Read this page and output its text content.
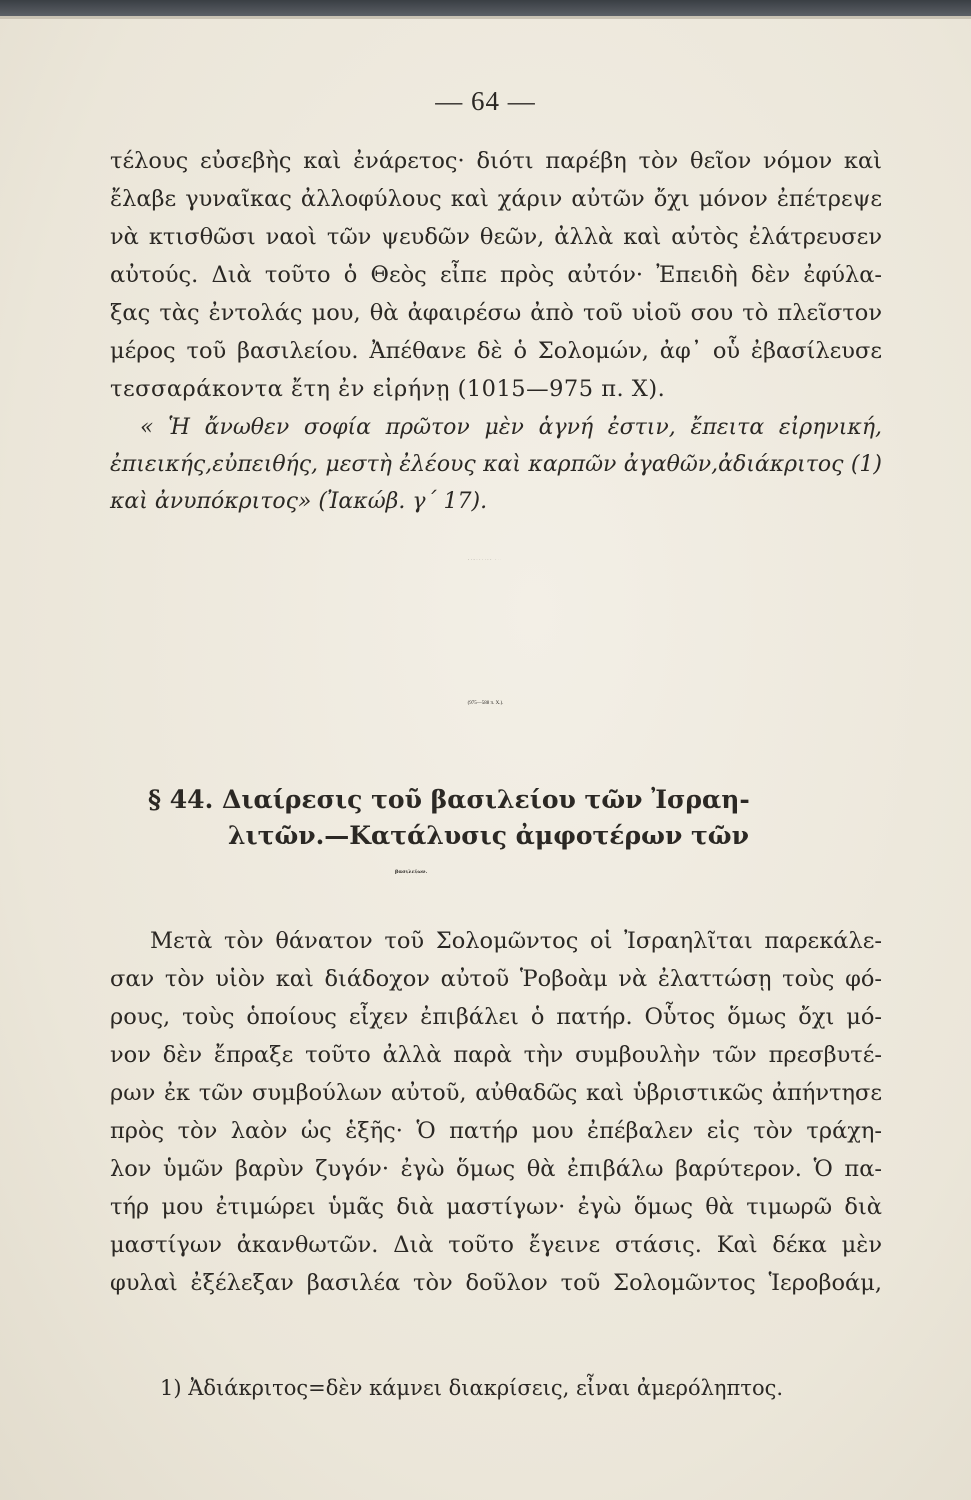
— 64 —
τέλους εὐσεβὴς καὶ ἐνάρετος· διότι παρέβη τὸν θεῖον νόμον καὶ
ἔλαβε γυναῖκας ἀλλοφύλους καὶ χάριν αὐτῶν ὄχι μόνον ἐπέτρεψε
νὰ κτισθῶσι ναοὶ τῶν ψευδῶν θεῶν, ἀλλὰ καὶ αὐτὸς ἐλάτρευσεν
αὐτούς. Διὰ τοῦτο ὁ Θεὸς εἶπε πρὸς αὐτόν· Ἐπειδὴ δὲν ἐφύλα-
ξας τὰς ἐντολάς μου, θὰ ἀφαιρέσω ἀπὸ τοῦ υἱοῦ σου τὸ πλεῖστον
μέρος τοῦ βασιλείου. Ἀπέθανε δὲ ὁ Σολομών, ἀφ᾽ οὗ ἐβασίλευσε
τεσσαράκοντα ἔτη ἐν εἰρήνῃ (1015—975 π. Χ).
« Ἡ ἄνωθεν σοφία πρῶτον μὲν ἁγνή ἐστιν, ἔπειτα εἰρηνική,
ἐπιεικής,εὐπειθής, μεστὴ ἐλέους καὶ καρπῶν ἀγαθῶν,ἀδιάκριτος (1)
καὶ ἀνυπόκριτος» (Ἰακώβ. γ´ 17).
ΚΕΦΑΛΑΙΟΝ ϛ´.
(975—588 π. Χ.).
§ 44. Διαίρεσις τοῦ βασιλείου τῶν Ἰσραη-
λιτῶν.—Κατάλυσις ἀμφοτέρων τῶν
βασιλείων.
Μετὰ τὸν θάνατον τοῦ Σολομῶντος οἱ Ἰσραηλῖται παρεκάλε-
σαν τὸν υἱὸν καὶ διάδοχον αὐτοῦ Ῥοβοὰμ νὰ ἐλαττώσῃ τοὺς φό-
ρους, τοὺς ὁποίους εἶχεν ἐπιβάλει ὁ πατήρ. Οὗτος ὅμως ὄχι μό-
νον δὲν ἔπραξε τοῦτο ἀλλὰ παρὰ τὴν συμβουλὴν τῶν πρεσβυτέ-
ρων ἐκ τῶν συμβούλων αὐτοῦ, αὐθαδῶς καὶ ὑβριστικῶς ἀπήντησε
πρὸς τὸν λαὸν ὡς ἑξῆς· Ὁ πατήρ μου ἐπέβαλεν εἰς τὸν τράχη-
λον ὑμῶν βαρὺν ζυγόν· ἐγὼ ὅμως θὰ ἐπιβάλω βαρύτερον. Ὁ πα-
τήρ μου ἐτιμώρει ὑμᾶς διὰ μαστίγων· ἐγὼ ὅμως θὰ τιμωρῶ διὰ
μαστίγων ἀκανθωτῶν. Διὰ τοῦτο ἔγεινε στάσις. Καὶ δέκα μὲν
φυλαὶ ἐξέλεξαν βασιλέα τὸν δοῦλον τοῦ Σολομῶντος Ἱεροβοάμ,
1) Ἀδιάκριτος=δὲν κάμνει διακρίσεις, εἶναι ἀμερόληπτος.
